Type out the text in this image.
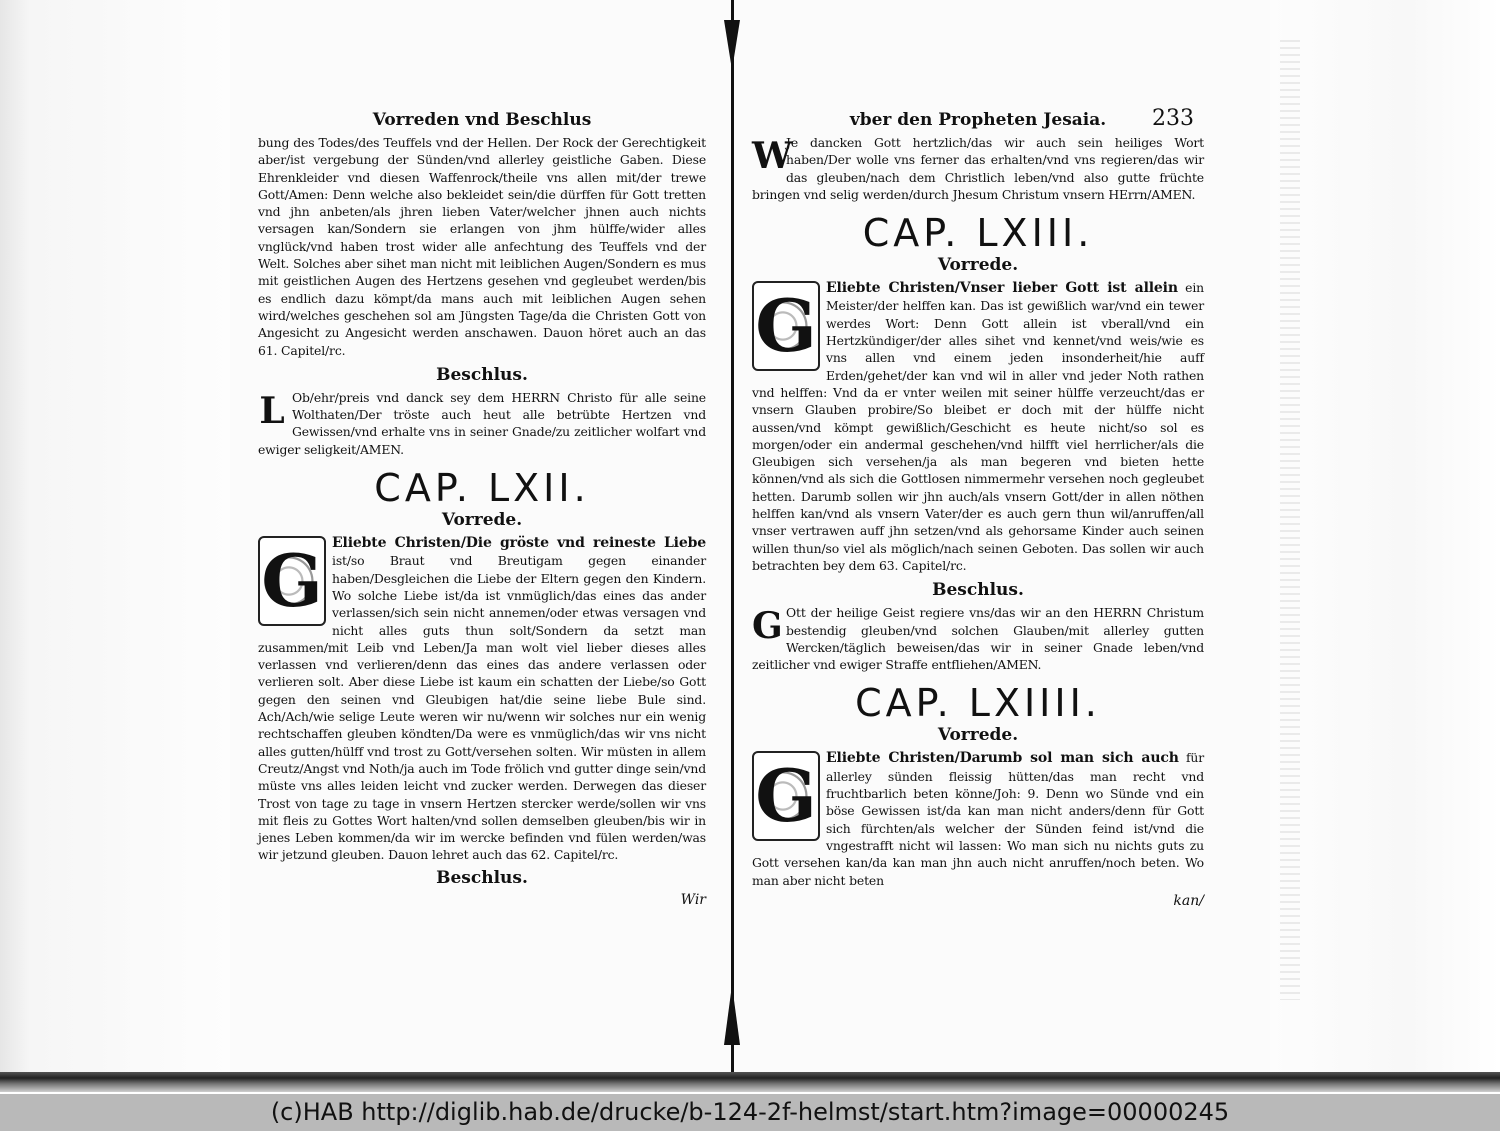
Vorreden vnd Beschlus

bung des Todes/des Teuffels vnd der Hellen. Der Rock der Gerechtigkeit aber/ist vergebung der Sünden/vnd allerley geistliche Gaben. Diese Ehrenkleider vnd diesen Waffenrock/theile vns allen mit/der trewe Gott/Amen: Denn welche also bekleidet sein/die dürffen für Gott tretten vnd jhn anbeten/als jhren lieben Vater/welcher jhnen auch nichts versagen kan/Sondern sie erlangen von jhm hülffe/wider alles vnglück/vnd haben trost wider alle anfechtung des Teuffels vnd der Welt. Solches aber sihet man nicht mit leiblichen Augen/Sondern es mus mit geistlichen Augen des Hertzens gesehen vnd gegleubet werden/bis es endlich dazu kömpt/da mans auch mit leiblichen Augen sehen wird/welches geschehen sol am Jüngsten Tage/da die Christen Gott von Angesicht zu Angesicht werden anschawen. Dauon höret auch an das 61. Capitel/rc.

Beschlus.

L Ob/ehr/preis vnd danck sey dem HERRN Christo für alle seine Wolthaten/Der tröste auch heut alle betrübte Hertzen vnd Gewissen/vnd erhalte vns in seiner Gnade/zu zeitlicher wolfart vnd ewiger seligkeit/AMEN.

CAP. LXII.
Vorrede.

G Eliebte Christen/Die gröste vnd reineste Liebe ist/so Braut vnd Breutigam gegen einander haben/Desgleichen die Liebe der Eltern gegen den Kindern. Wo solche Liebe ist/da ist vnmüglich/das eines das ander verlassen/sich sein nicht annemen/oder etwas versagen vnd nicht alles guts thun solt/Sondern da setzt man zusammen/mit Leib vnd Leben/Ja man wolt viel lieber dieses alles verlassen vnd verlieren/denn das eines das andere verlassen oder verlieren solt. Aber diese Liebe ist kaum ein schatten der Liebe/so Gott gegen den seinen vnd Gleubigen hat/die seine liebe Bule sind. Ach/Ach/wie selige Leute weren wir nu/wenn wir solches nur ein wenig rechtschaffen gleuben köndten/Da were es vnmüglich/das wir vns nicht alles gutten/hülff vnd trost zu Gott/versehen solten. Wir müsten in allem Creutz/Angst vnd Noth/ja auch im Tode frölich vnd gutter dinge sein/vnd müste vns alles leiden leicht vnd zucker werden. Derwegen das dieser Trost von tage zu tage in vnsern Hertzen stercker werde/sollen wir vns mit fleis zu Gottes Wort halten/vnd sollen demselben gleuben/bis wir in jenes Leben kommen/da wir im wercke befinden vnd fülen werden/was wir jetzund gleuben. Dauon lehret auch das 62. Capitel/rc.

Beschlus.
Wir
vber den Propheten Jesaia.	233

W
Je dancken Gott hertzlich/das wir auch sein heiliges Wort haben/Der wolle vns ferner das erhalten/vnd vns regieren/das wir das gleuben/nach dem Christlich leben/vnd also gutte früchte bringen vnd selig werden/durch Jhesum Christum vnsern HErrn/AMEN.

CAP. LXIII.
Vorrede.

G Eliebte Christen/Vnser lieber Gott ist allein ein Meister/der helffen kan. Das ist gewißlich war/vnd ein tewer werdes Wort: Denn Gott allein ist vberall/vnd ein Hertzkündiger/der alles sihet vnd kennet/vnd weis/wie es vns allen vnd einem jeden insonderheit/hie auff Erden/gehet/der kan vnd wil in aller vnd jeder Noth rathen vnd helffen: Vnd da er vnter weilen mit seiner hülffe verzeucht/das er vnsern Glauben probire/So bleibet er doch mit der hülffe nicht aussen/vnd kömpt gewißlich/Geschicht es heute nicht/so sol es morgen/oder ein andermal geschehen/vnd hilfft viel herrlicher/als die Gleubigen sich versehen/ja als man begeren vnd bieten hette können/vnd als sich die Gottlosen nimmermehr versehen noch gegleubet hetten. Darumb sollen wir jhn auch/als vnsern Gott/der in allen nöthen helffen kan/vnd als vnsern Vater/der es auch gern thun wil/anruffen/all vnser vertrawen auff jhn setzen/vnd als gehorsame Kinder auch seinen willen thun/so viel als möglich/nach seinen Geboten. Das sollen wir auch betrachten bey dem 63. Capitel/rc.

Beschlus.

G Ott der heilige Geist regiere vns/das wir an den HERRN Christum bestendig gleuben/vnd solchen Glauben/mit allerley gutten Wercken/täglich beweisen/das wir in seiner Gnade leben/vnd zeitlicher vnd ewiger Straffe entfliehen/AMEN.

CAP. LXIIII.
Vorrede.

G Eliebte Christen/Darumb sol man sich auch für allerley sünden fleissig hütten/das man recht vnd fruchtbarlich beten könne/Joh: 9. Denn wo Sünde vnd ein böse Gewissen ist/da kan man nicht anders/denn für Gott sich fürchten/als welcher der Sünden feind ist/vnd die vngestrafft nicht wil lassen: Wo man sich nu nichts guts zu Gott versehen kan/da kan man jhn auch nicht anruffen/noch beten. Wo man aber nicht beten

kan/
(c)HAB http://diglib.hab.de/drucke/b-124-2f-helmst/start.htm?image=00000245
